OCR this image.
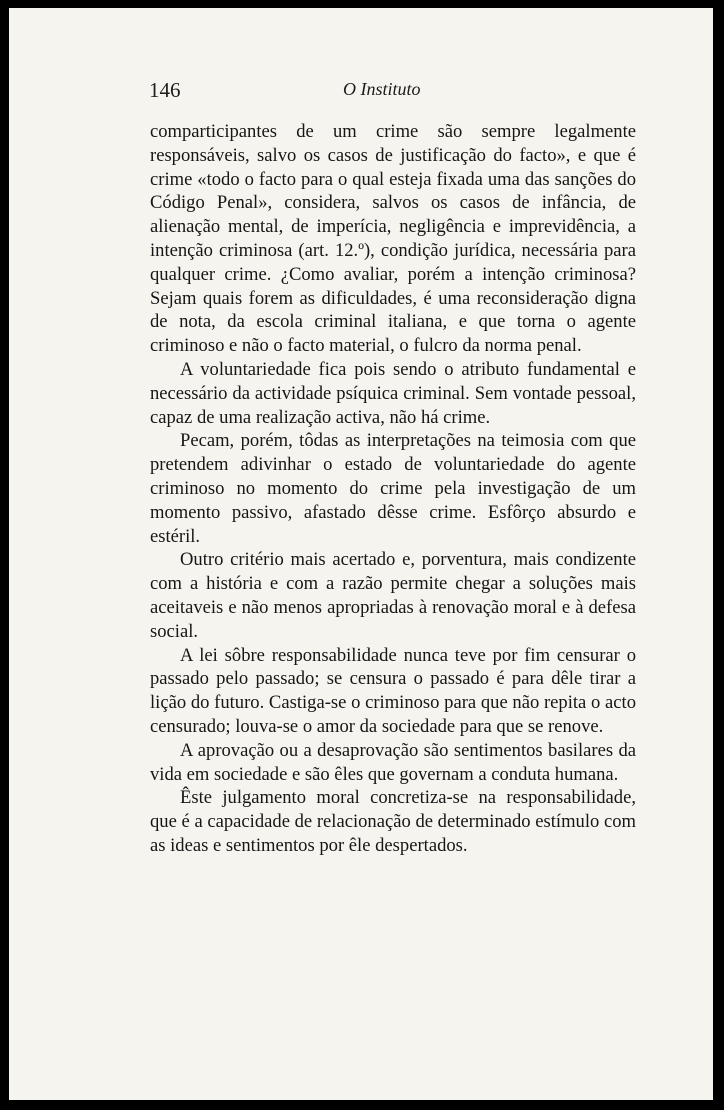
146	O Instituto

comparticipantes de um crime são sempre legalmente responsáveis, salvo os casos de justificação do facto», e que é crime «todo o facto para o qual esteja fixada uma das sanções do Código Penal», considera, salvos os casos de infância, de alienação mental, de imperícia, negligência e imprevidência, a intenção criminosa (art. 12.º), condição jurídica, necessária para qualquer crime. ¿Como avaliar, porém a intenção criminosa? Sejam quais forem as dificuldades, é uma reconsideração digna de nota, da escola criminal italiana, e que torna o agente criminoso e não o facto material, o fulcro da norma penal.

A voluntariedade fica pois sendo o atributo fundamental e necessário da actividade psíquica criminal. Sem vontade pessoal, capaz de uma realização activa, não há crime.

Pecam, porém, tôdas as interpretações na teimosia com que pretendem adivinhar o estado de voluntariedade do agente criminoso no momento do crime pela investigação de um momento passivo, afastado dêsse crime. Esfôrço absurdo e estéril.

Outro critério mais acertado e, porventura, mais condizente com a história e com a razão permite chegar a soluções mais aceitaveis e não menos apropriadas à renovação moral e à defesa social.

A lei sôbre responsabilidade nunca teve por fim censurar o passado pelo passado; se censura o passado é para dêle tirar a lição do futuro. Castiga-se o criminoso para que não repita o acto censurado; louva-se o amor da sociedade para que se renove.

A aprovação ou a desaprovação são sentimentos basilares da vida em sociedade e são êles que governam a conduta humana.

Êste julgamento moral concretiza-se na responsabilidade, que é a capacidade de relacionação de determinado estímulo com as ideas e sentimentos por êle despertados.
